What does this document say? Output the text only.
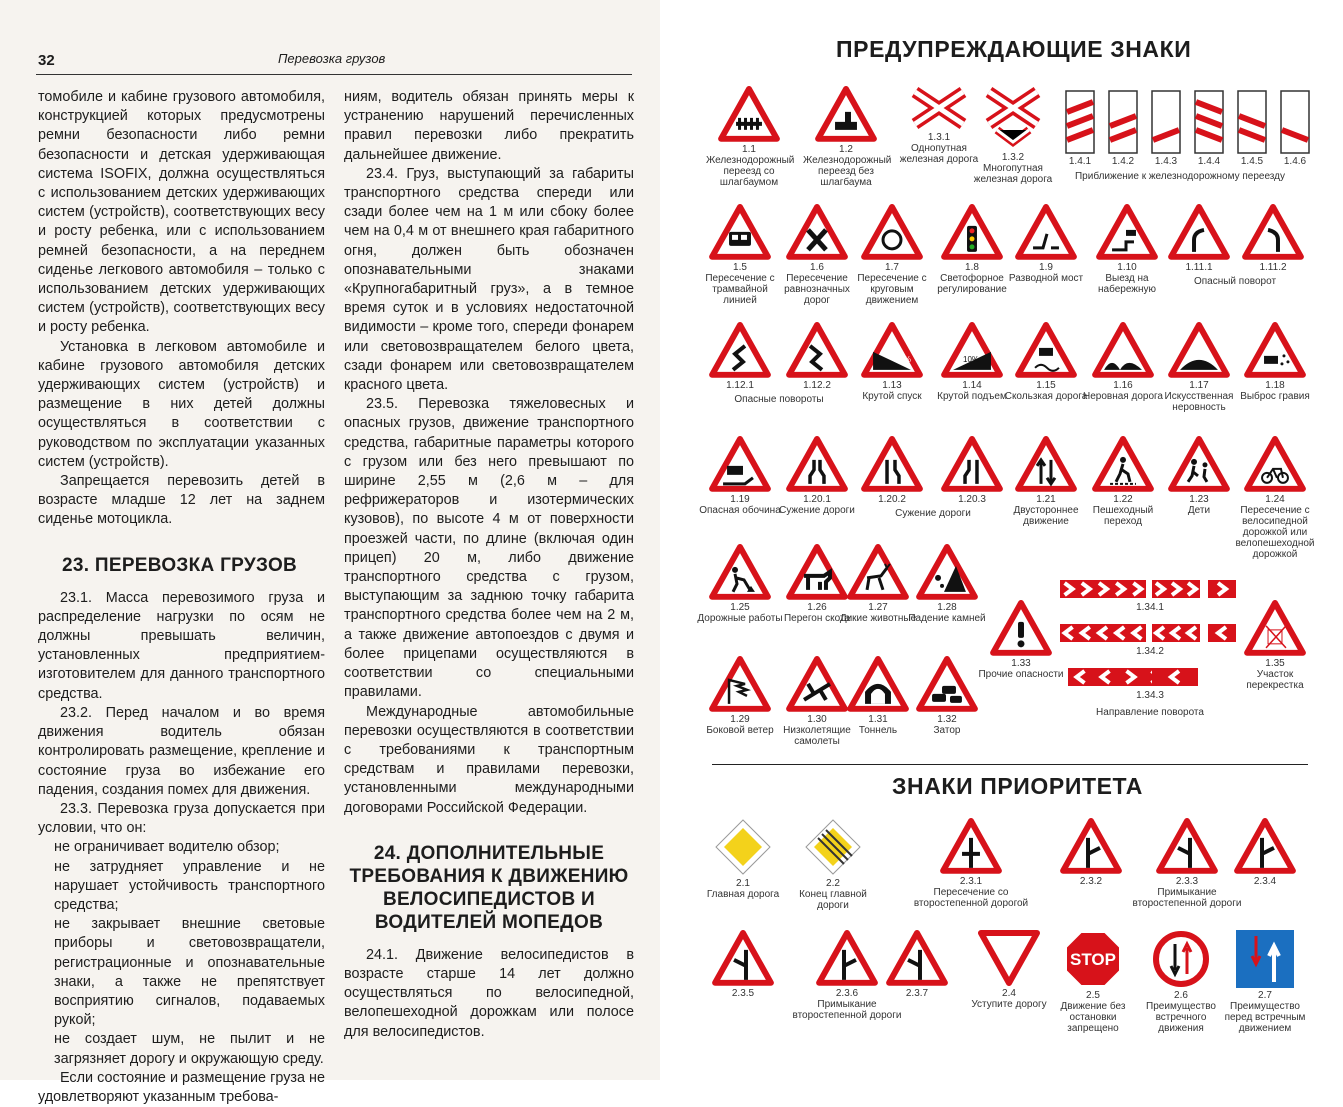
32	Перевозка грузов

томобиле и кабине грузового автомобиля, конструкцией которых предусмотрены ремни безопасности либо ремни безопасности и детская удерживающая система ISOFIX, должна осуществляться с использованием детских удерживающих систем (устройств), соответствующих весу и росту ребенка, или с использованием ремней безопасности, а на переднем сиденье легкового автомобиля – только с использованием детских удерживающих систем (устройств), соответствующих весу и росту ребенка.

Установка в легковом автомобиле и кабине грузового автомобиля детских удерживающих систем (устройств) и размещение в них детей должны осуществляться в соответствии с руководством по эксплуатации указанных систем (устройств).

Запрещается перевозить детей в возрасте младше 12 лет на заднем сиденье мотоцикла.

23. ПЕРЕВОЗКА ГРУЗОВ

23.1. Масса перевозимого груза и распределение нагрузки по осям не должны превышать величин, установленных предприятием-изготовителем для данного транспортного средства.

23.2. Перед началом и во время движения водитель обязан контролировать размещение, крепление и состояние груза во избежание его падения, создания помех для движения.

23.3. Перевозка груза допускается при условии, что он:

не ограничивает водителю обзор;

не затрудняет управление и не нарушает устойчивость транспортного средства;

не закрывает внешние световые приборы и световозвращатели, регистрационные и опознавательные знаки, а также не препятствует восприятию сигналов, подаваемых рукой;

не создает шум, не пылит и не загрязняет дорогу и окружающую среду.

Если состояние и размещение груза не удовлетворяют указанным требова-

ниям, водитель обязан принять меры к устранению нарушений перечисленных правил перевозки либо прекратить дальнейшее движение.

23.4. Груз, выступающий за габариты транспортного средства спереди или сзади более чем на 1 м или сбоку более чем на 0,4 м от внешнего края габаритного огня, должен быть обозначен опознавательными знаками «Крупногабаритный груз», а в темное время суток и в условиях недостаточной видимости – кроме того, спереди фонарем или световозвращателем белого цвета, сзади фонарем или световозвращателем красного цвета.

23.5. Перевозка тяжеловесных и опасных грузов, движение транспортного средства, габаритные параметры которого с грузом или без него превышают по ширине 2,55 м (2,6 м – для рефрижераторов и изотермических кузовов), по высоте 4 м от поверхности проезжей части, по длине (включая один прицеп) 20 м, либо движение транспортного средства с грузом, выступающим за заднюю точку габарита транспортного средства более чем на 2 м, а также движение автопоездов с двумя и более прицепами осуществляются в соответствии со специальными правилами.

Международные автомобильные перевозки осуществляются в соответствии с требованиями к транспортным средствам и правилами перевозки, установленными международными договорами Российской Федерации.

24. ДОПОЛНИТЕЛЬНЫЕ ТРЕБОВАНИЯ К ДВИЖЕНИЮ ВЕЛОСИПЕДИСТОВ И ВОДИТЕЛЕЙ МОПЕДОВ

24.1. Движение велосипедистов в возрасте старше 14 лет должно осуществляться по велосипедной, велопешеходной дорожкам или полосе для велосипедистов.

ПРЕДУПРЕЖДАЮЩИЕ ЗНАКИ
ЗНАКИ ПРИОРИТЕТА
1.1
Железнодорожный переезд со шлагбаумом
1.2
Железнодорожный переезд без шлагбаума
1.5
Пересечение с трамвайной линией
1.6
Пересечение равнозначных дорог
1.7
Пересечение с круговым движением
1.8
Светофорное регулирование
1.9
Разводной мост
1.10
Выезд на набережную
1.11.1	1.11.2
1.12.1	1.12.2
12%
1.13
Крутой спуск
10%
1.14
Крутой подъем
1.15
Скользкая дорога
1.16
Неровная дорога
1.17
Искусственная неровность
1.18
Выброс гравия
1.19
Опасная обочина
1.20.1
Сужение дороги
1.20.2	1.20.3	1.21
Двустороннее движение
1.22
Пешеходный переход
1.23
Дети
1.24
Пересечение с велосипедной дорожкой или велопешеходной дорожкой
1.25
Дорожные работы
1.26
Перегон скота
1.27
Дикие животные
1.28
Падение камней
1.29
Боковой ветер
1.30
Низколетящие самолеты
1.31
Тоннель
1.32
Затор
1.33
Прочие опасности
1.35
Участок перекрестка
1.3.1
Однопутная железная дорога	1.3.2
Многопутная железная дорога
1.4.1	1.4.2	1.4.3	1.4.4	1.4.5	1.4.6
Приближение к железнодорожному переезду
Опасный поворот
Опасные повороты
Сужение дороги
1.34.1
1.34.2
1.34.3
Направление поворота
2.1
Главная дорога
2.2
Конец главной дороги
2.3.1
Пересечение со второстепенной дорогой
2.3.2	2.3.3
Примыкание второстепенной дороги
2.3.4
2.3.5	2.3.6
Примыкание второстепенной дороги
2.3.7	2.4
Уступите дорогу
STOP
2.5
Движение без остановки запрещено
2.6
Преимущество встречного движения
2.7
Преимущество перед встречным движением
